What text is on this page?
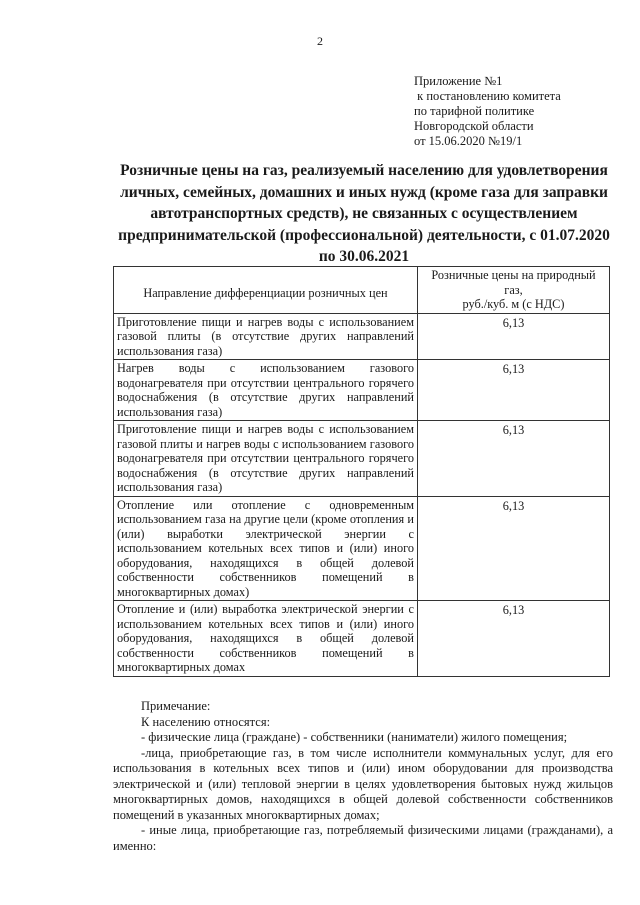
2
Приложение №1
к постановлению комитета
по тарифной политике
Новгородской области
от 15.06.2020 №19/1
Розничные цены на газ, реализуемый населению для удовлетворения личных, семейных, домашних и иных нужд (кроме газа для заправки автотранспортных средств), не связанных с осуществлением предпринимательской (профессиональной) деятельности, с 01.07.2020 по 30.06.2021
Направление дифференциации розничных цен	Розничные цены на природный газ,
руб./куб. м (с НДС)
Приготовление пищи и нагрев воды с использованием газовой плиты (в отсутствие других направлений использования газа)	6,13
Нагрев воды с использованием газового водонагревателя при отсутствии центрального горячего водоснабжения (в отсутствие других направлений использования газа)	6,13
Приготовление пищи и нагрев воды с использованием газовой плиты и нагрев воды с использованием газового водонагревателя при отсутствии центрального горячего водоснабжения (в отсутствие других направлений использования газа)	6,13
Отопление или отопление с одновременным использованием газа на другие цели (кроме отопления и (или) выработки электрической энергии с использованием котельных всех типов и (или) иного оборудования, находящихся в общей долевой собственности собственников помещений в многоквартирных домах)	6,13
Отопление и (или) выработка электрической энергии с использованием котельных всех типов и (или) иного оборудования, находящихся в общей долевой собственности собственников помещений в многоквартирных домах	6,13

Примечание:

К населению относятся:

- физические лица (граждане) - собственники (наниматели) жилого помещения;

-лица, приобретающие газ, в том числе исполнители коммунальных услуг, для его использования в котельных всех типов и (или) ином оборудовании для производства электрической и (или) тепловой энергии в целях удовлетворения бытовых нужд жильцов многоквартирных домов, находящихся в общей долевой собственности собственников помещений в указанных многоквартирных домах;

- иные лица, приобретающие газ, потребляемый физическими лицами (гражданами), а именно:
